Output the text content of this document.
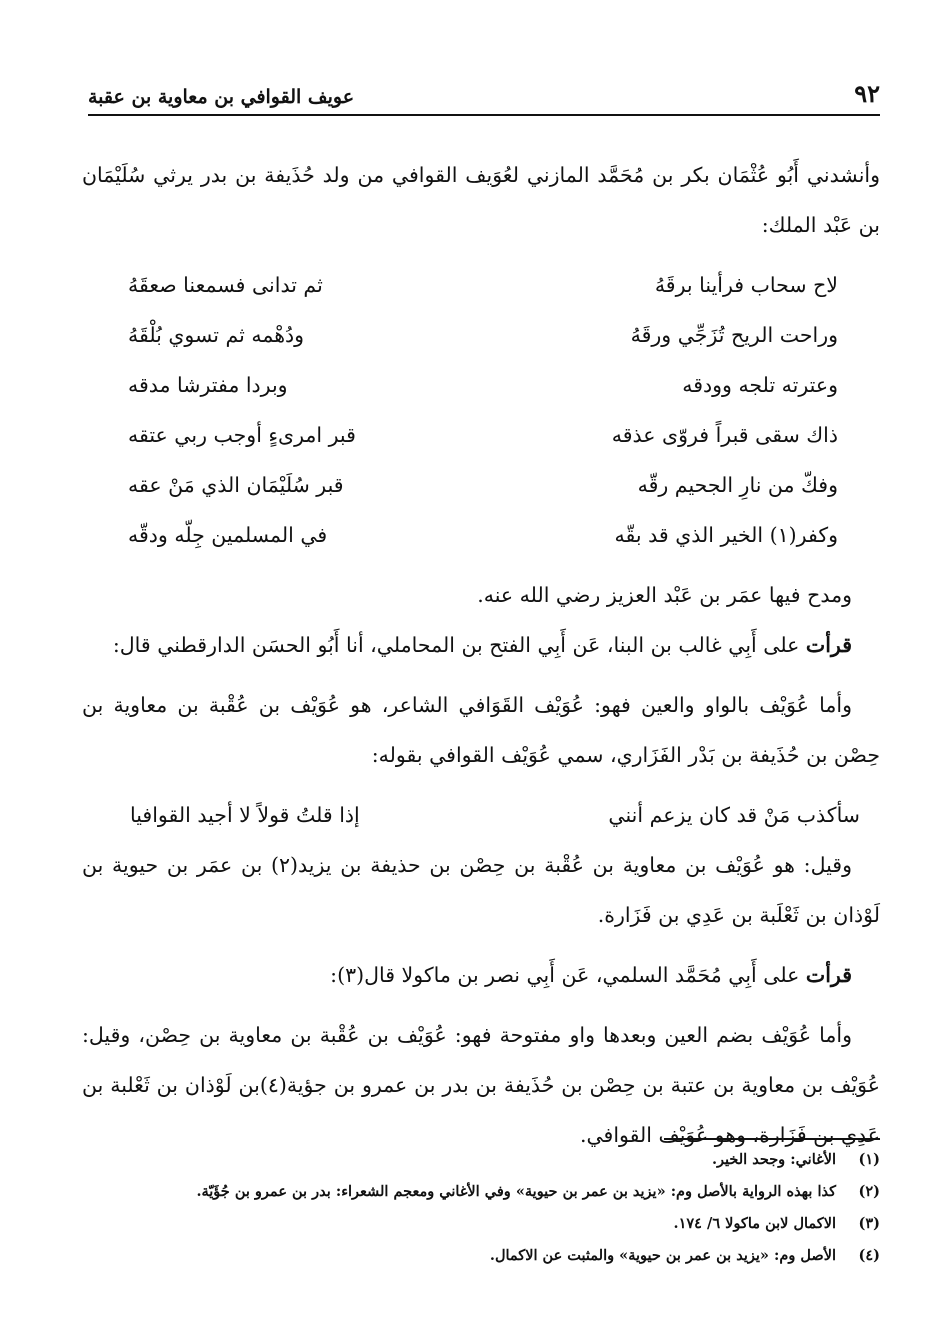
٩٢
عويف القوافي بن معاوية بن عقبة

وأنشدني أَبُو عُثْمَان بكر بن مُحَمَّد المازني لعُوَيف القوافي من ولد حُذَيفة بن بدر يرثي سُلَيْمَان بن عَبْد الملك:

لاح سحاب فرأينا برقَهُ
ثم تدانى فسمعنا صعقَهُ
وراحت الريح تُزَجِّي ورقَهُ
ودُهْمه ثم تسوي بُلْقَهُ
وعترته تلجه وودقه
وبردا مفترشا مدقه
ذاك سقى قبراً فروّى عذقه
قبر امرىءٍ أوجب ربي عتقه
وفكّ من نارِ الجحيم رقّه
قبر سُلَيْمَان الذي مَنْ عقه
وكفر(١) الخير الذي قد بقّه
في المسلمين جِلّه ودقّه

ومدح فيها عمَر بن عَبْد العزيز رضي الله عنه.

قرأت على أَبِي غالب بن البنا، عَن أَبِي الفتح بن المحاملي، أنا أَبُو الحسَن الدارقطني قال:

وأما عُوَيْف بالواو والعين فهو: عُوَيْف القَوَافي الشاعر، هو عُوَيْف بن عُقْبة بن معاوية بن حِصْن بن حُذَيفة بن بَدْر الفَزَاري، سمي عُوَيْف القوافي بقوله:

سأكذب مَنْ قد كان يزعم أنني
إذا قلتُ قولاً لا أجيد القوافيا

وقيل: هو عُوَيْف بن معاوية بن عُقْبة بن حِصْن بن حذيفة بن يزيد(٢) بن عمَر بن حيوية بن لَوْذان بن ثَعْلَبة بن عَدِي بن فَزَارة.

قرأت على أَبِي مُحَمَّد السلمي، عَن أَبِي نصر بن ماكولا قال(٣):

وأما عُوَيْف بضم العين وبعدها واو مفتوحة فهو: عُوَيْف بن عُقْبة بن معاوية بن حِصْن، وقيل: عُوَيْف بن معاوية بن عتبة بن حِصْن بن حُذَيفة بن بدر بن عمرو بن جؤية(٤)بن لَوْذان بن ثَعْلبة بن عَدِي بن فَزَارة، وهو عُوَيْف القوافي.

(١)
الأغاني: وجحد الخير.
(٢)
كذا بهذه الرواية بالأصل وم: «يزيد بن عمر بن حيوية» وفي الأغاني ومعجم الشعراء: بدر بن عمرو بن جُؤَيّة.
(٣)
الاكمال لابن ماكولا ٦/ ١٧٤.
(٤)
الأصل وم: «يزيد بن عمر بن حيوية» والمثبت عن الاكمال.
